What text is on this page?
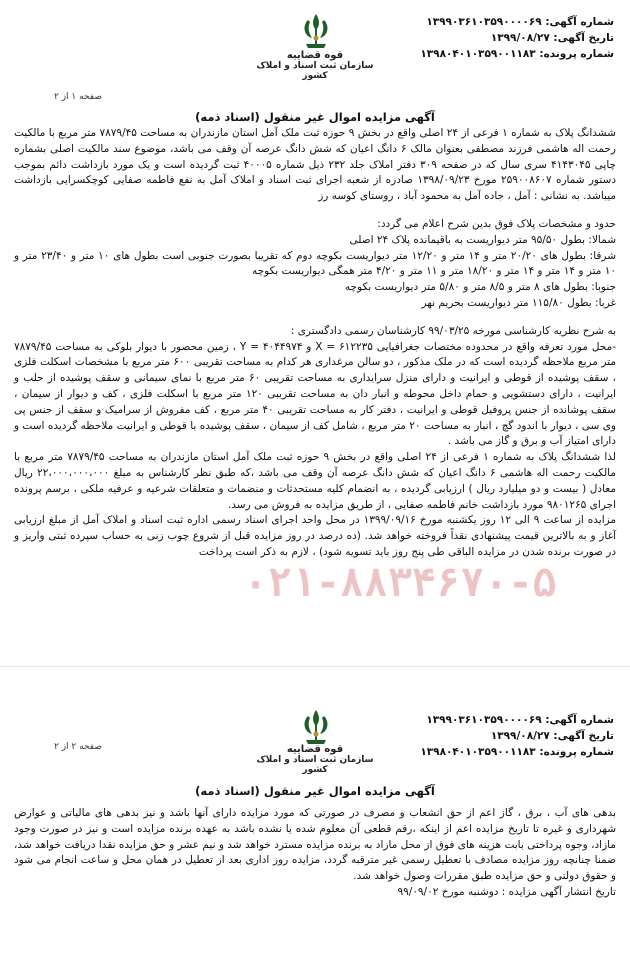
شماره آگهی: ۱۳۹۹۰۳۶۱۰۳۵۹۰۰۰۰۶۹
تاریخ آگهی: ۱۳۹۹/۰۸/۲۷
شماره پرونده: ۱۳۹۸۰۴۰۱۰۳۵۹۰۰۱۱۸۳
قوه قضاییه
سازمان ثبت اسناد و املاک کشور
صفحه ۱ از ۲
آگهی مزایده اموال غیر منقول (اسناد ذمه)

ششدانگ پلاک به شماره ۱ فرعی از ۲۴ اصلی واقع در بخش ۹ حوزه ثبت ملک آمل استان مازندران به مساحت ۷۸۷۹/۴۵ متر مربع با مالکیت رحمت اله هاشمی فرزند مصطفی بعنوان مالک ۶ دانگ اعیان که شش دانگ عرصه آن وقف می باشد، موضوع سند مالکیت اصلی بشماره چاپی ۴۱۴۳۰۴۵ سری سال که در صفحه ۳۰۹ دفتر املاک جلد ۲۳۲ ذیل شماره ۴۰۰۰۵ ثبت گردیده است و یک مورد بازداشت دائم بموجب دستور شماره ۲۵۹۰۰۸۶۰۷ مورخ ۱۳۹۸/۰۹/۲۳ صادره از شعبه اجرای ثبت اسناد و املاک آمل به نفع فاطمه صفایی کوچکسرایی بازداشت میباشد. به نشانی : آمل ، جاده آمل به محمود آباد ، روستای کوسه رز

حدود و مشخصات پلاک فوق بدین شرح اعلام می گردد:

شمالا: بطول ۹۵/۵۰ متر دیواریست به باقیمانده پلاک ۲۴ اصلی

شرقا: بطول های ۲۰/۲۰ متر و ۱۴ متر و ۱۲/۲۰ متر دیواریست بکوچه دوم که تقریبا بصورت جنوبی است بطول های ۱۰ متر و ۲۳/۴۰ متر و ۱۰ متر و ۱۴ متر و ۱۴ متر و ۱۸/۲۰ متر و ۱۱ متر و ۴/۲۰ متر همگی دیواریست بکوچه

جنوبا: بطول های ۸ متر و ۸/۵ متر و ۵/۸۰ متر دیواریست بکوچه

غربا: بطول ۱۱۵/۸۰ متر دیواریست بحریم نهر

به شرح نظریه کارشناسی مورخه ۹۹/۰۳/۲۵ کارشناسان رسمی دادگستری :

-محل مورد تعرفه واقع در محدوده مختصات جغرافیایی X = ۶۱۲۲۳۵ و Y = ۴۰۴۴۹۷۴ ، زمین محصور با دیوار بلوکی به مساحت ۷۸۷۹/۴۵ متر مربع ملاحظه گردیده است که در ملک مذکور ، دو سالن مرغداری هر کدام به مساحت تقریبی ۶۰۰ متر مربع با مشخصات اسکلت فلزی ، سقف پوشیده از قوطی و ایرانیت و دارای منزل سرایداری به مساحت تقریبی ۶۰ متر مربع با نمای سیمانی و سقف پوشیده از حلب و ایرانیت ، دارای دستشویی و حمام داخل محوطه و انبار دان به مساحت تقریبی ۱۲۰ متر مربع با اسکلت فلزی ، کف و دیوار از سیمان ، سقف پوشانده از جنس پروفیل قوطی و ایرانیت ، دفتر کار به مساحت تقریبی ۴۰ متر مربع ، کف مفروش از سرامیک و سقف از جنس پی وی سی ، دیوار با اندود گچ ، انبار به مساحت ۲۰ متر مربع ، شامل کف از سیمان ، سقف پوشیده با قوطی و ایرانیت ملاحظه گردیده است و دارای امتیاز آب و برق و گاز می باشد .

لذا ششدانگ پلاک به شماره ۱ فرعی از ۲۴ اصلی واقع در بخش ۹ حوزه ثبت ملک آمل استان مازندران به مساحت ۷۸۷۹/۴۵ متر مربع با مالکیت رحمت اله هاشمی ۶ دانگ اعیان که شش دانگ عرصه آن وقف می باشد ،که طبق نظر کارشناس به مبلغ ۲۲،۰۰۰،۰۰۰،۰۰۰ ریال معادل ( بیست و دو میلیارد ریال ) ارزیابی گردیده ، به انضمام کلیه مستحدثات و منضمات و متعلقات شرعیه و عرفیه ملکی ، برسم پرونده اجرای ۹۸۰۱۲۶۵ مورد بازداشت خانم فاطمه صفایی ، از طریق مزایده به فروش می رسد.

مزایده از ساعت ۹ الی ۱۲ روز یکشنبه مورخ ۱۳۹۹/۰۹/۱۶ در محل واحد اجرای اسناد رسمی اداره ثبت اسناد و املاک آمل از مبلغ ارزیابی آغاز و به بالاترین قیمت پیشنهادی نقداً فروخته خواهد شد. (ده درصد در روز مزایده قبل از شروع چوب زنی به حساب سپرده ثبتی واریز و در صورت برنده شدن در مزایده الباقی طی پنج روز باید تسویه شود) ، لازم به ذکر است پرداخت

۰۲۱-۸۸۳۴۶۷۰-۵
شماره آگهی: ۱۳۹۹۰۳۶۱۰۳۵۹۰۰۰۰۶۹
تاریخ آگهی: ۱۳۹۹/۰۸/۲۷
شماره پرونده: ۱۳۹۸۰۴۰۱۰۳۵۹۰۰۱۱۸۳
قوه قضاییه
سازمان ثبت اسناد و املاک کشور
صفحه ۲ از ۲
آگهی مزایده اموال غیر منقول (اسناد ذمه)

بدهی های آب ، برق ، گاز اعم از حق انشعاب و مصرف در صورتی که مورد مزایده دارای آنها باشد و نیز بدهی های مالیاتی و عوارض شهرداری و غیره تا تاریخ مزایده اعم از اینکه ،رقم قطعی آن معلوم شده یا نشده باشد به عهده برنده مزایده است و نیز در صورت وجود مازاد، وجوه پرداختی بابت هزینه های فوق از محل مازاد به برنده مزایده مسترد خواهد شد و نیم عشر و حق مزایده نقدا دریافت خواهد شد، ضمنا چنانچه روز مزایده مصادف با تعطیل رسمی غیر مترقبه گردد، مزایده روز اداری بعد از تعطیل در همان محل و ساعت انجام می شود و حقوق دولتی و حق مزایده طبق مقررات وصول خواهد شد.

تاریخ انتشار آگهی مزایده : دوشنبه مورخ ۹۹/۰۹/۰۲
